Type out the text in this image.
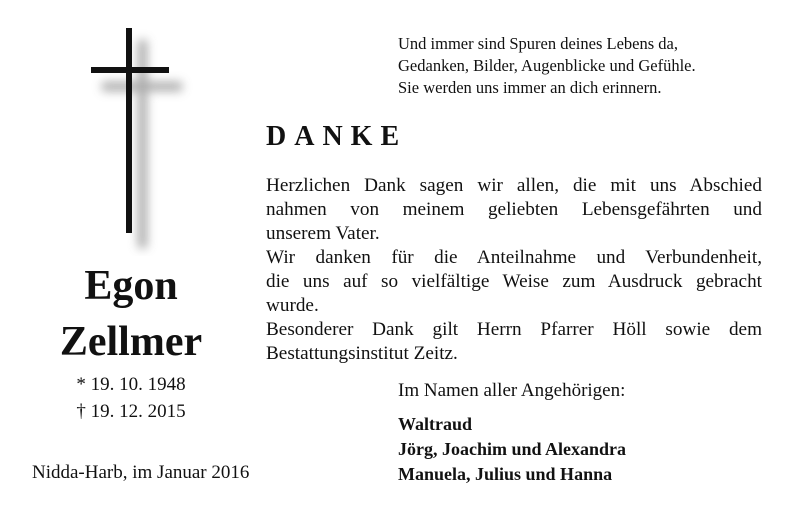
Egon
Zellmer
* 19. 10. 1948
† 19. 12. 2015
Nidda-Harb, im Januar 2016
Und immer sind Spuren deines Lebens da,
Gedanken, Bilder, Augenblicke und Gefühle.
Sie werden uns immer an dich erinnern.
DANKE
Herzlichen Dank sagen wir allen, die mit uns Abschied
nahmen von meinem geliebten Lebensgefährten und
unserem Vater.
Wir danken für die Anteilnahme und Verbundenheit,
die uns auf so vielfältige Weise zum Ausdruck gebracht
wurde.
Besonderer Dank gilt Herrn Pfarrer Höll sowie dem
Bestattungsinstitut Zeitz.
Im Namen aller Angehörigen:
Waltraud
Jörg, Joachim und Alexandra
Manuela, Julius und Hanna
